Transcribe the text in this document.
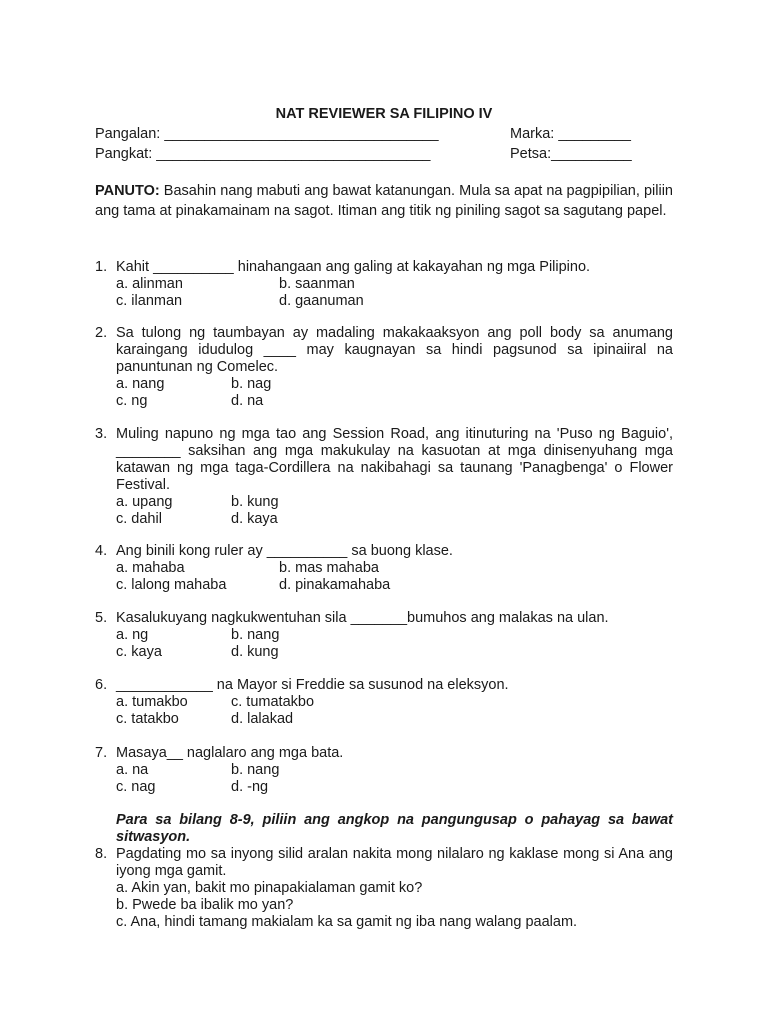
NAT REVIEWER SA FILIPINO IV
Pangalan: __________________________________
Pangkat: __________________________________
Marka: _________
Petsa:__________
PANUTO: Basahin nang mabuti ang bawat katanungan. Mula sa apat na pagpipilian, piliin ang tama at pinakamainam na sagot. Itiman ang titik ng piniling sagot sa sagutang papel.
1. Kahit __________ hinahangaan ang galing at kakayahan ng mga Pilipino.
a. alinman	b. saanman
c. ilanman	d. gaanuman
2. Sa tulong ng taumbayan ay madaling makakaaksyon ang poll body sa anumang karaingang idudulog ____ may kaugnayan sa hindi pagsunod sa ipinaiiral na panuntunan ng Comelec.
a. nang	b. nag
c. ng	d. na
3. Muling napuno ng mga tao ang Session Road, ang itinuturing na 'Puso ng Baguio', ________ saksihan ang mga makukulay na kasuotan at mga dinisenyuhang mga katawan ng mga taga-Cordillera na nakibahagi sa taunang 'Panagbenga' o Flower Festival.
a. upang	b. kung
c. dahil	d. kaya
4. Ang binili kong ruler ay __________ sa buong klase.
a. mahaba	b. mas mahaba
c. lalong mahaba	d. pinakamahaba
5. Kasalukuyang nagkukwentuhan sila _______bumuhos ang malakas na ulan.
a. ng	b. nang
c. kaya	d. kung
6. ____________ na Mayor si Freddie sa susunod na eleksyon.
a. tumakbo	c. tumatakbo
c. tatakbo	d. lalakad
7. Masaya__ naglalaro ang mga bata.
a. na	b. nang
c. nag	d. -ng
Para sa bilang 8-9, piliin ang angkop na pangungusap o pahayag sa bawat sitwasyon.
8. Pagdating mo sa inyong silid aralan nakita mong nilalaro ng kaklase mong si Ana ang iyong mga gamit.
a. Akin yan, bakit mo pinapakialaman gamit ko?
b. Pwede ba ibalik mo yan?
c. Ana, hindi tamang makialam ka sa gamit ng iba nang walang paalam.
